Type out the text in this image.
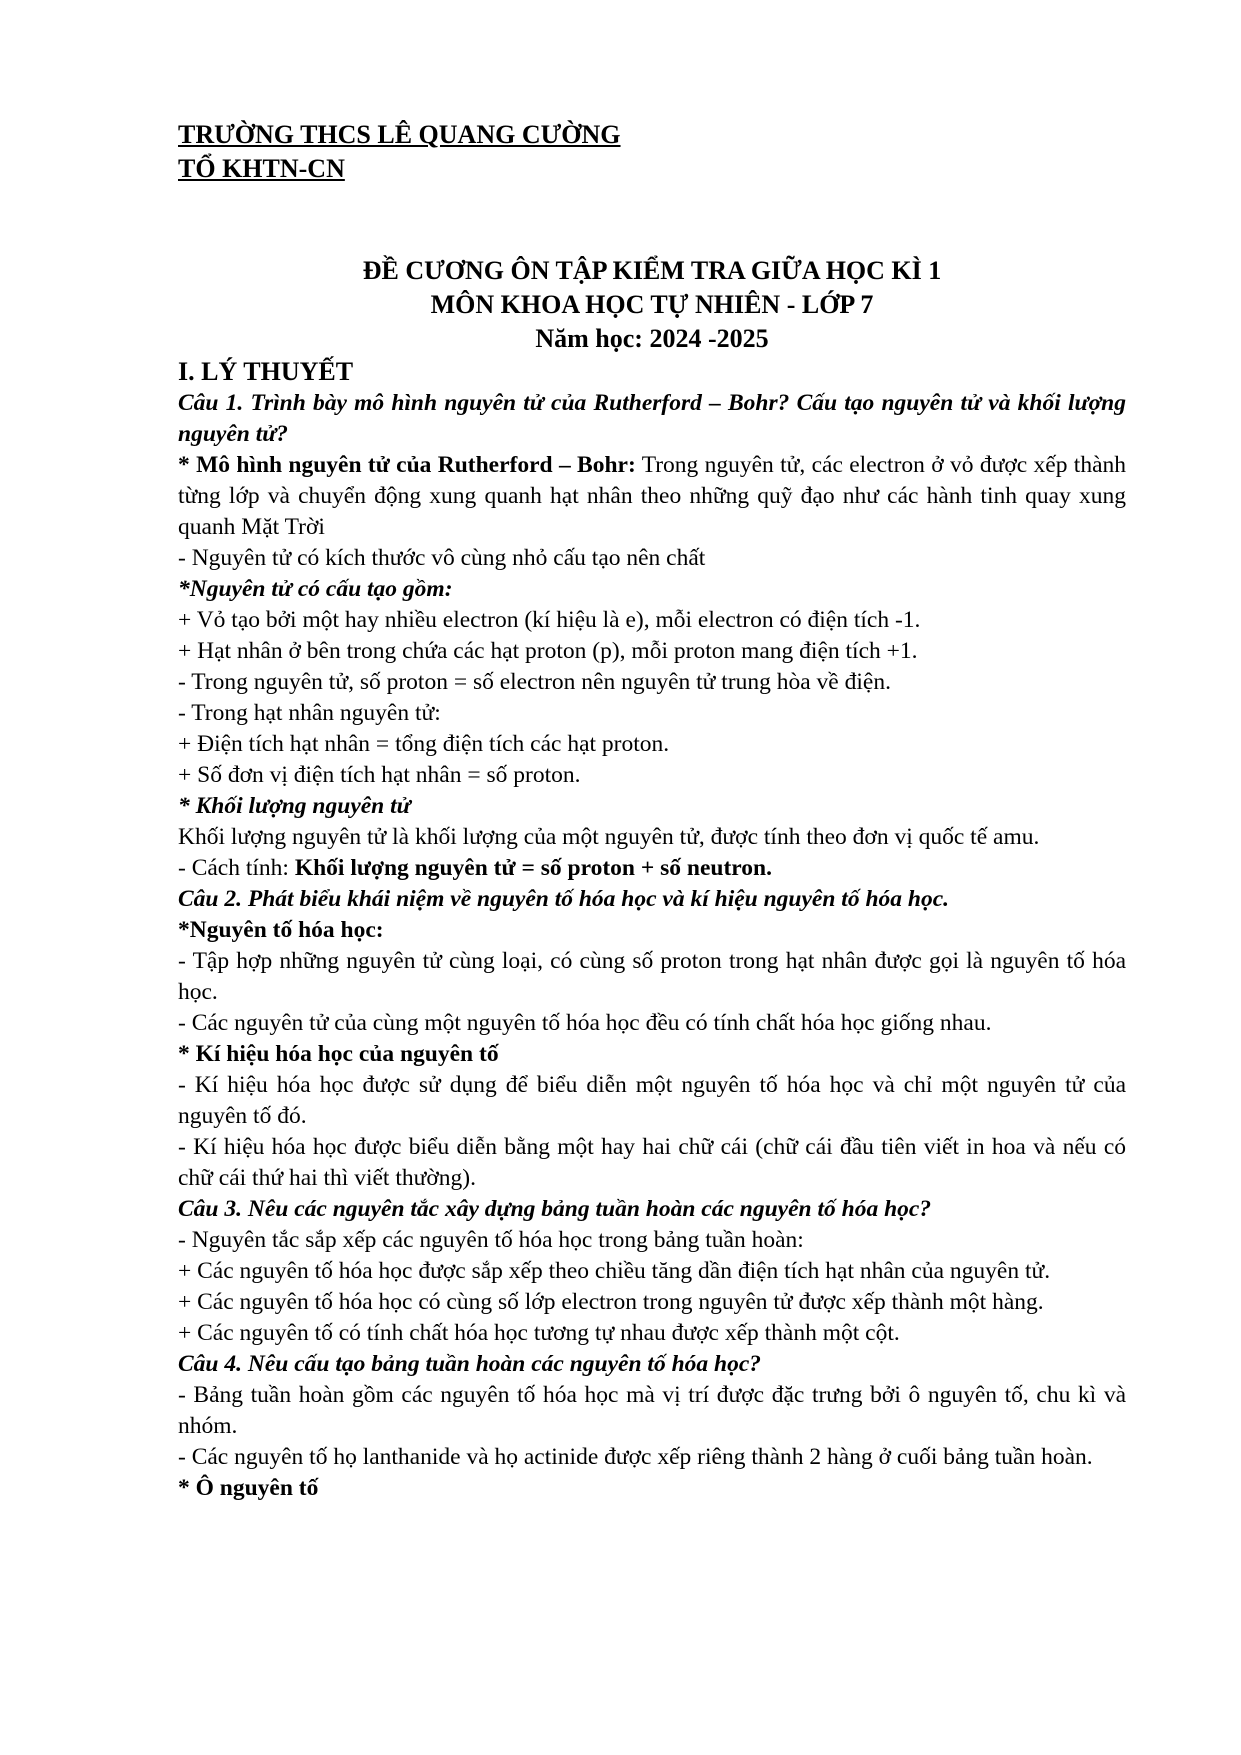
TRƯỜNG THCS LÊ QUANG CƯỜNG
TỔ KHTN-CN
ĐỀ CƯƠNG ÔN TẬP KIỂM TRA GIỮA HỌC KÌ 1
MÔN KHOA HỌC TỰ NHIÊN - LỚP 7
Năm học: 2024 -2025

I. LÝ THUYẾT

Câu 1. Trình bày mô hình nguyên tử của Rutherford – Bohr? Cấu tạo nguyên tử và khối lượng nguyên tử?

* Mô hình nguyên tử của Rutherford – Bohr: Trong nguyên tử, các electron ở vỏ được xếp thành từng lớp và chuyển động xung quanh hạt nhân theo những quỹ đạo như các hành tinh quay xung quanh Mặt Trời

- Nguyên tử có kích thước vô cùng nhỏ cấu tạo nên chất

*Nguyên tử có cấu tạo gồm:

+ Vỏ tạo bởi một hay nhiều electron (kí hiệu là e), mỗi electron có điện tích -1.

+ Hạt nhân ở bên trong chứa các hạt proton (p), mỗi proton mang điện tích +1.

- Trong nguyên tử, số proton = số electron nên nguyên tử trung hòa về điện.

- Trong hạt nhân nguyên tử:

+ Điện tích hạt nhân = tổng điện tích các hạt proton.

+ Số đơn vị điện tích hạt nhân = số proton.

* Khối lượng nguyên tử

Khối lượng nguyên tử là khối lượng của một nguyên tử, được tính theo đơn vị quốc tế amu.

- Cách tính: Khối lượng nguyên tử = số proton + số neutron.

Câu 2. Phát biểu khái niệm về nguyên tố hóa học và kí hiệu nguyên tố hóa học.

*Nguyên tố hóa học:

- Tập hợp những nguyên tử cùng loại, có cùng số proton trong hạt nhân được gọi là nguyên tố hóa học.

- Các nguyên tử của cùng một nguyên tố hóa học đều có tính chất hóa học giống nhau.

* Kí hiệu hóa học của nguyên tố

- Kí hiệu hóa học được sử dụng để biểu diễn một nguyên tố hóa học và chỉ một nguyên tử của nguyên tố đó.

- Kí hiệu hóa học được biểu diễn bằng một hay hai chữ cái (chữ cái đầu tiên viết in hoa và nếu có chữ cái thứ hai thì viết thường).

Câu 3. Nêu các nguyên tắc xây dựng bảng tuần hoàn các nguyên tố hóa học?

- Nguyên tắc sắp xếp các nguyên tố hóa học trong bảng tuần hoàn:

+ Các nguyên tố hóa học được sắp xếp theo chiều tăng dần điện tích hạt nhân của nguyên tử.

+ Các nguyên tố hóa học có cùng số lớp electron trong nguyên tử được xếp thành một hàng.

+ Các nguyên tố có tính chất hóa học tương tự nhau được xếp thành một cột.

Câu 4. Nêu cấu tạo bảng tuần hoàn các nguyên tố hóa học?

- Bảng tuần hoàn gồm các nguyên tố hóa học mà vị trí được đặc trưng bởi ô nguyên tố, chu kì và nhóm.

- Các nguyên tố họ lanthanide và họ actinide được xếp riêng thành 2 hàng ở cuối bảng tuần hoàn.

* Ô nguyên tố
